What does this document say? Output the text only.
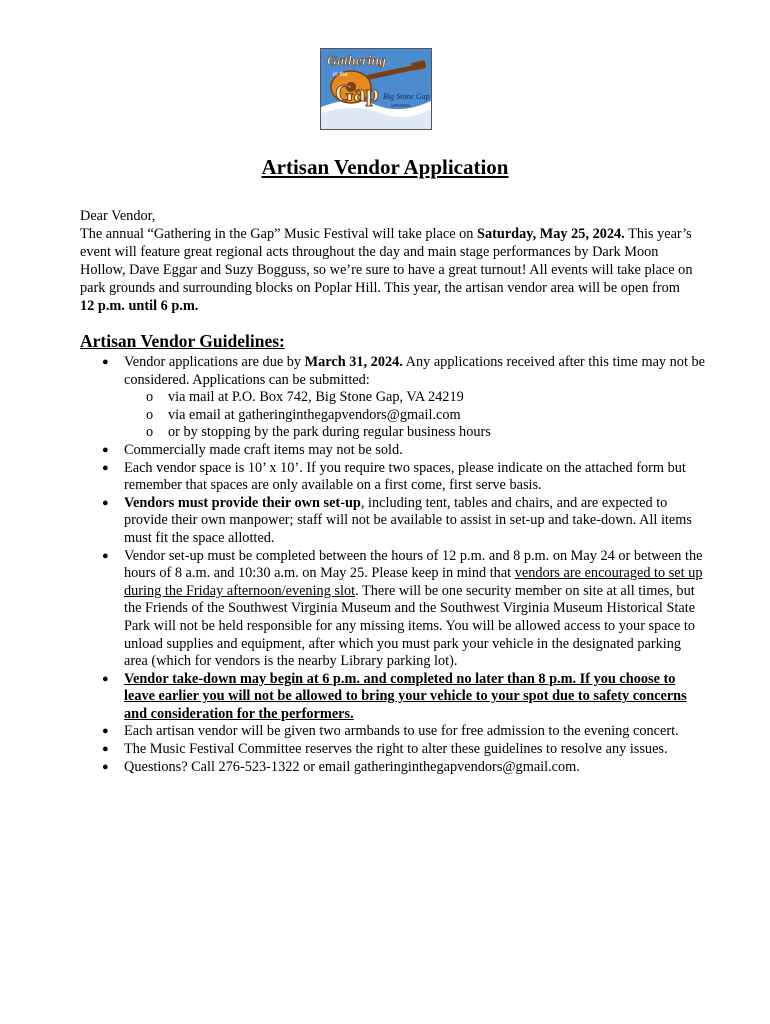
Gathering
in the
Gap Big Stone Gap
VIRGINIA
Artisan Vendor Application

Dear Vendor,

The annual “Gathering in the Gap” Music Festival will take place on Saturday, May 25, 2024. This year’s event will feature great regional acts throughout the day and main stage performances by Dark Moon Hollow, Dave Eggar and Suzy Bogguss, so we’re sure to have a great turnout! All events will take place on park grounds and surrounding blocks on Poplar Hill. This year, the artisan vendor area will be open from 12 p.m. until 6 p.m.

Artisan Vendor Guidelines:
● Vendor applications are due by March 31, 2024. Any applications received after this time may not be considered. Applications can be submitted:
o via mail at P.O. Box 742, Big Stone Gap, VA 24219
o via email at gatheringinthegapvendors@gmail.com
o or by stopping by the park during regular business hours
● Commercially made craft items may not be sold.
● Each vendor space is 10’ x 10’. If you require two spaces, please indicate on the attached form but remember that spaces are only available on a first come, first serve basis.
● Vendors must provide their own set-up, including tent, tables and chairs, and are expected to provide their own manpower; staff will not be available to assist in set-up and take-down. All items must fit the space allotted.
● Vendor set-up must be completed between the hours of 12 p.m. and 8 p.m. on May 24 or between the hours of 8 a.m. and 10:30 a.m. on May 25. Please keep in mind that vendors are encouraged to set up during the Friday afternoon/evening slot. There will be one security member on site at all times, but the Friends of the Southwest Virginia Museum and the Southwest Virginia Museum Historical State Park will not be held responsible for any missing items. You will be allowed access to your space to unload supplies and equipment, after which you must park your vehicle in the designated parking area (which for vendors is the nearby Library parking lot).
● Vendor take-down may begin at 6 p.m. and completed no later than 8 p.m. If you choose to leave earlier you will not be allowed to bring your vehicle to your spot due to safety concerns and consideration for the performers.
● Each artisan vendor will be given two armbands to use for free admission to the evening concert.
● The Music Festival Committee reserves the right to alter these guidelines to resolve any issues.
● Questions? Call 276-523-1322 or email gatheringinthegapvendors@gmail.com.
